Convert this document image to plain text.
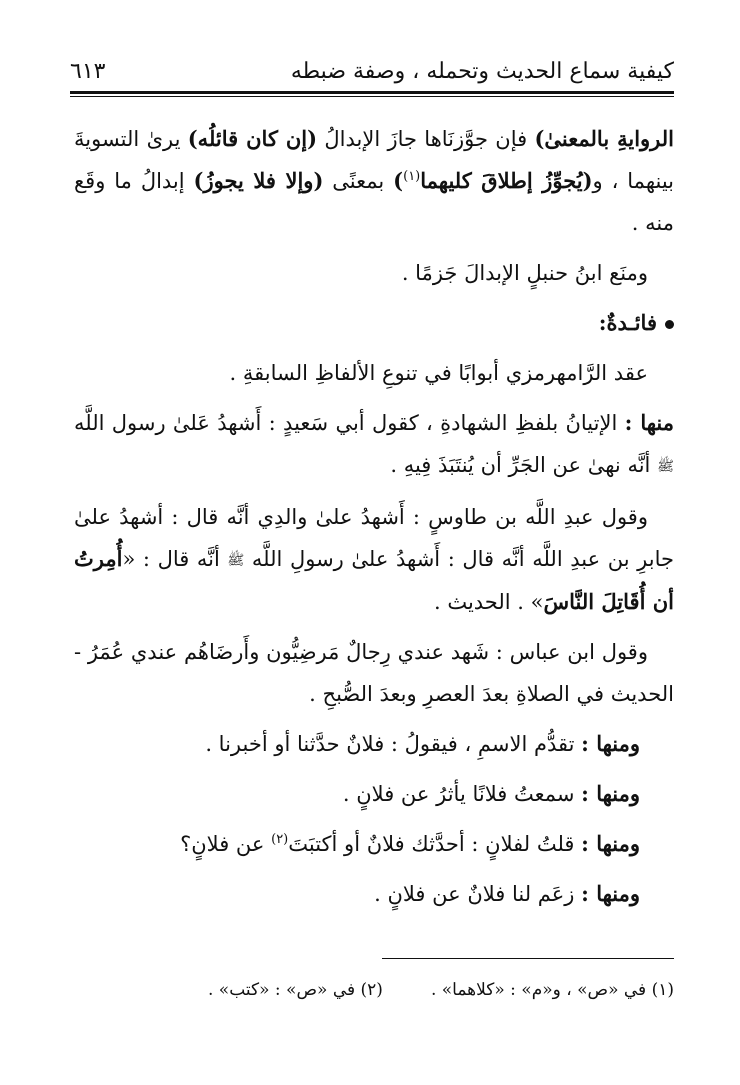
كيفية سماع الحديث وتحمله ، وصفة ضبطه
٦١٣

الروايةِ بالمعنىٰ) فإن جوَّزنَاها جازَ الإبدالُ (إن كان قائلُه) يرىٰ التسويةَ بينهما ، و(يُجوِّزُ إطلاقَ كليهما$^{(١)}$) بمعنًى (وإلا فلا يجوزُ) إبدالُ ما وقَع منه .

ومنَع ابنُ حنبلٍ الإبدالَ جَزمًا .

فائـدةٌ:

عقد الرَّامهرمزي أبوابًا في تنوعِ الألفاظِ السابقةِ .

منها : الإتيانُ بلفظِ الشهادةِ ، كقول أبي سَعيدٍ : أَشهدُ عَلىٰ رسول اللَّه ﷺ أنَّه نهىٰ عن الجَرِّ أن يُنتَبَذَ فِيهِ .

وقول عبدِ اللَّه بن طاوسٍ : أَشهدُ علىٰ والدِي أنَّه قال : أشهدُ علىٰ جابرِ بن عبدِ اللَّه أنَّه قال : أَشهدُ علىٰ رسولِ اللَّه ﷺ أنَّه قال : «أُمِرتُ أن أُقَاتِلَ النَّاسَ» . الحديث .

وقول ابن عباس : شَهد عندي رِجالٌ مَرضِيُّون وأَرضَاهُم عندي عُمَرُ - الحديث في الصلاةِ بعدَ العصرِ وبعدَ الصُّبحِ .

ومنها : تقدُّم الاسمِ ، فيقولُ : فلانٌ حدَّثنا أو أخبرنا .

ومنها : سمعتُ فلانًا يأثرُ عن فلانٍ .

ومنها : قلتُ لفلانٍ : أحدَّثك فلانٌ أو أكتبَتَ$^{(٢)}$ عن فلانٍ؟

ومنها : زعَم لنا فلانٌ عن فلانٍ .

(١) في «ص» ، و«م» : «كلاهما» .
(٢) في «ص» : «كتب» .
